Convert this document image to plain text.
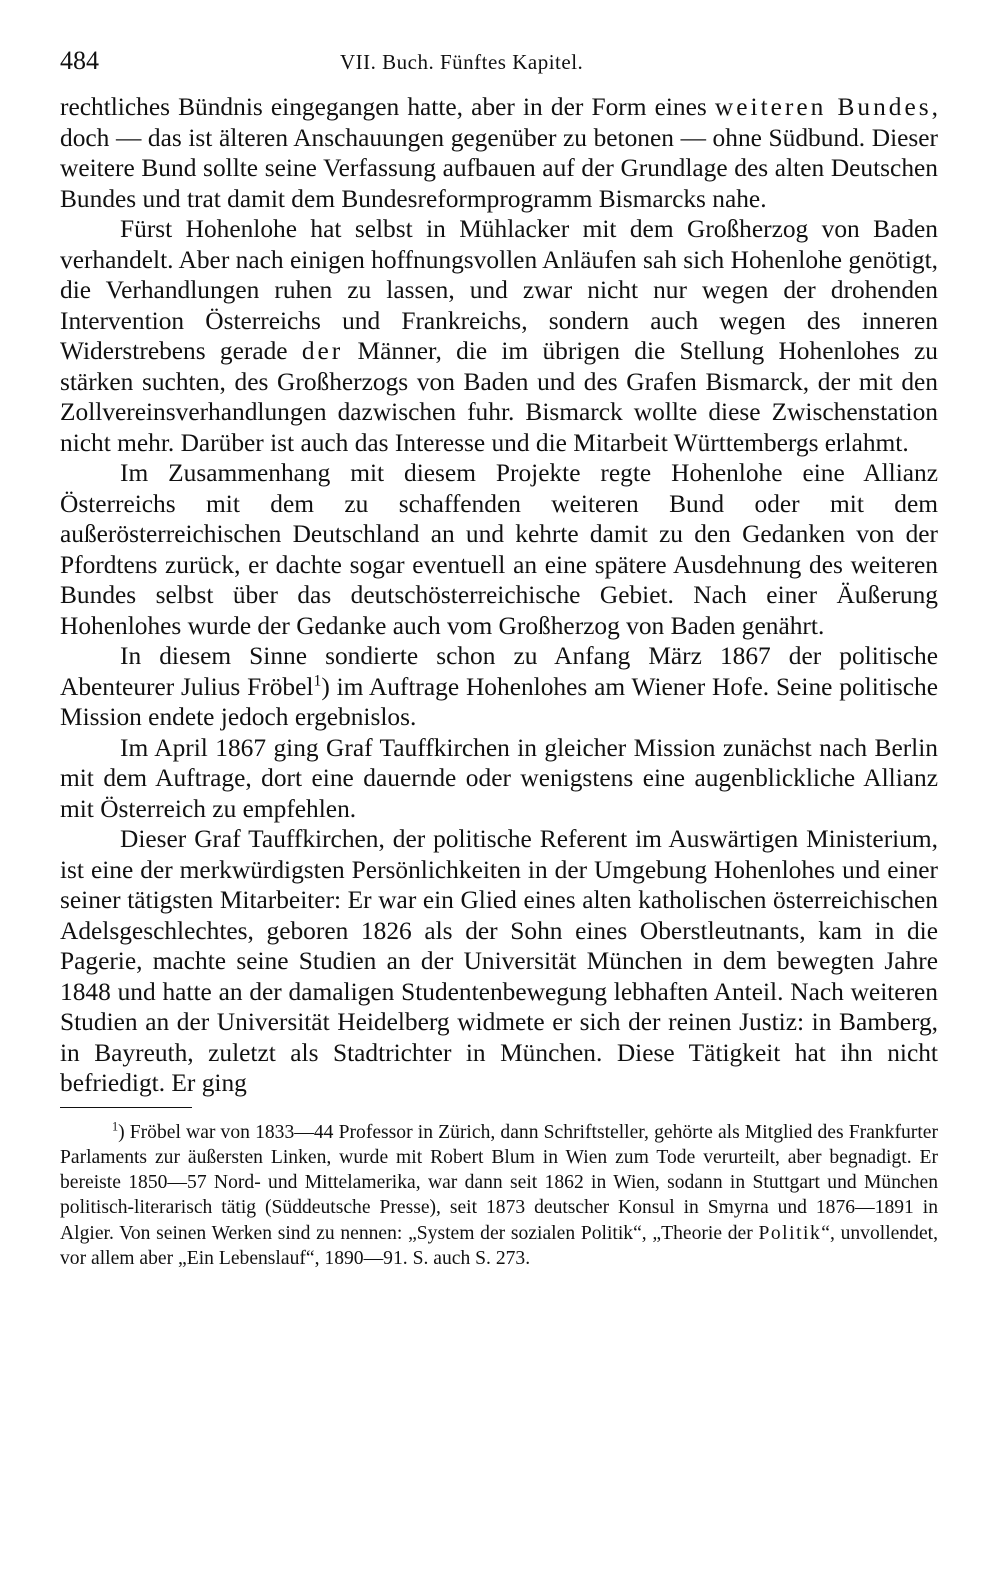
484	VII. Buch. Fünftes Kapitel.

rechtliches Bündnis eingegangen hatte, aber in der Form eines weiteren Bundes, doch — das ist älteren Anschauungen gegenüber zu betonen — ohne Südbund. Dieser weitere Bund sollte seine Verfassung aufbauen auf der Grundlage des alten Deutschen Bundes und trat damit dem Bundesreformprogramm Bismarcks nahe.

Fürst Hohenlohe hat selbst in Mühlacker mit dem Großherzog von Baden verhandelt. Aber nach einigen hoffnungsvollen Anläufen sah sich Hohenlohe genötigt, die Verhandlungen ruhen zu lassen, und zwar nicht nur wegen der drohenden Intervention Österreichs und Frankreichs, sondern auch wegen des inneren Widerstrebens gerade der Männer, die im übrigen die Stellung Hohenlohes zu stärken suchten, des Großherzogs von Baden und des Grafen Bismarck, der mit den Zollvereinsverhandlungen dazwischen fuhr. Bismarck wollte diese Zwischenstation nicht mehr. Darüber ist auch das Interesse und die Mitarbeit Württembergs erlahmt.

Im Zusammenhang mit diesem Projekte regte Hohenlohe eine Allianz Österreichs mit dem zu schaffenden weiteren Bund oder mit dem außerösterreichischen Deutschland an und kehrte damit zu den Gedanken von der Pfordtens zurück, er dachte sogar eventuell an eine spätere Ausdehnung des weiteren Bundes selbst über das deutschösterreichische Gebiet. Nach einer Äußerung Hohenlohes wurde der Gedanke auch vom Großherzog von Baden genährt.

In diesem Sinne sondierte schon zu Anfang März 1867 der politische Abenteurer Julius Fröbel$^1$) im Auftrage Hohenlohes am Wiener Hofe. Seine politische Mission endete jedoch ergebnislos.

Im April 1867 ging Graf Tauffkirchen in gleicher Mission zunächst nach Berlin mit dem Auftrage, dort eine dauernde oder wenigstens eine augenblickliche Allianz mit Österreich zu empfehlen.

Dieser Graf Tauffkirchen, der politische Referent im Auswärtigen Ministerium, ist eine der merkwürdigsten Persönlichkeiten in der Umgebung Hohenlohes und einer seiner tätigsten Mitarbeiter: Er war ein Glied eines alten katholischen österreichischen Adelsgeschlechtes, geboren 1826 als der Sohn eines Oberstleutnants, kam in die Pagerie, machte seine Studien an der Universität München in dem bewegten Jahre 1848 und hatte an der damaligen Studentenbewegung lebhaften Anteil. Nach weiteren Studien an der Universität Heidelberg widmete er sich der reinen Justiz: in Bamberg, in Bayreuth, zuletzt als Stadtrichter in München. Diese Tätigkeit hat ihn nicht befriedigt. Er ging

$^1$) Fröbel war von 1833—44 Professor in Zürich, dann Schriftsteller, gehörte als Mitglied des Frankfurter Parlaments zur äußersten Linken, wurde mit Robert Blum in Wien zum Tode verurteilt, aber begnadigt. Er bereiste 1850—57 Nord- und Mittelamerika, war dann seit 1862 in Wien, sodann in Stuttgart und München politisch-literarisch tätig (Süddeutsche Presse), seit 1873 deutscher Konsul in Smyrna und 1876—1891 in Algier. Von seinen Werken sind zu nennen: „System der sozialen Politik“, „Theorie der Politik“, unvollendet, vor allem aber „Ein Lebenslauf“, 1890—91. S. auch S. 273.
